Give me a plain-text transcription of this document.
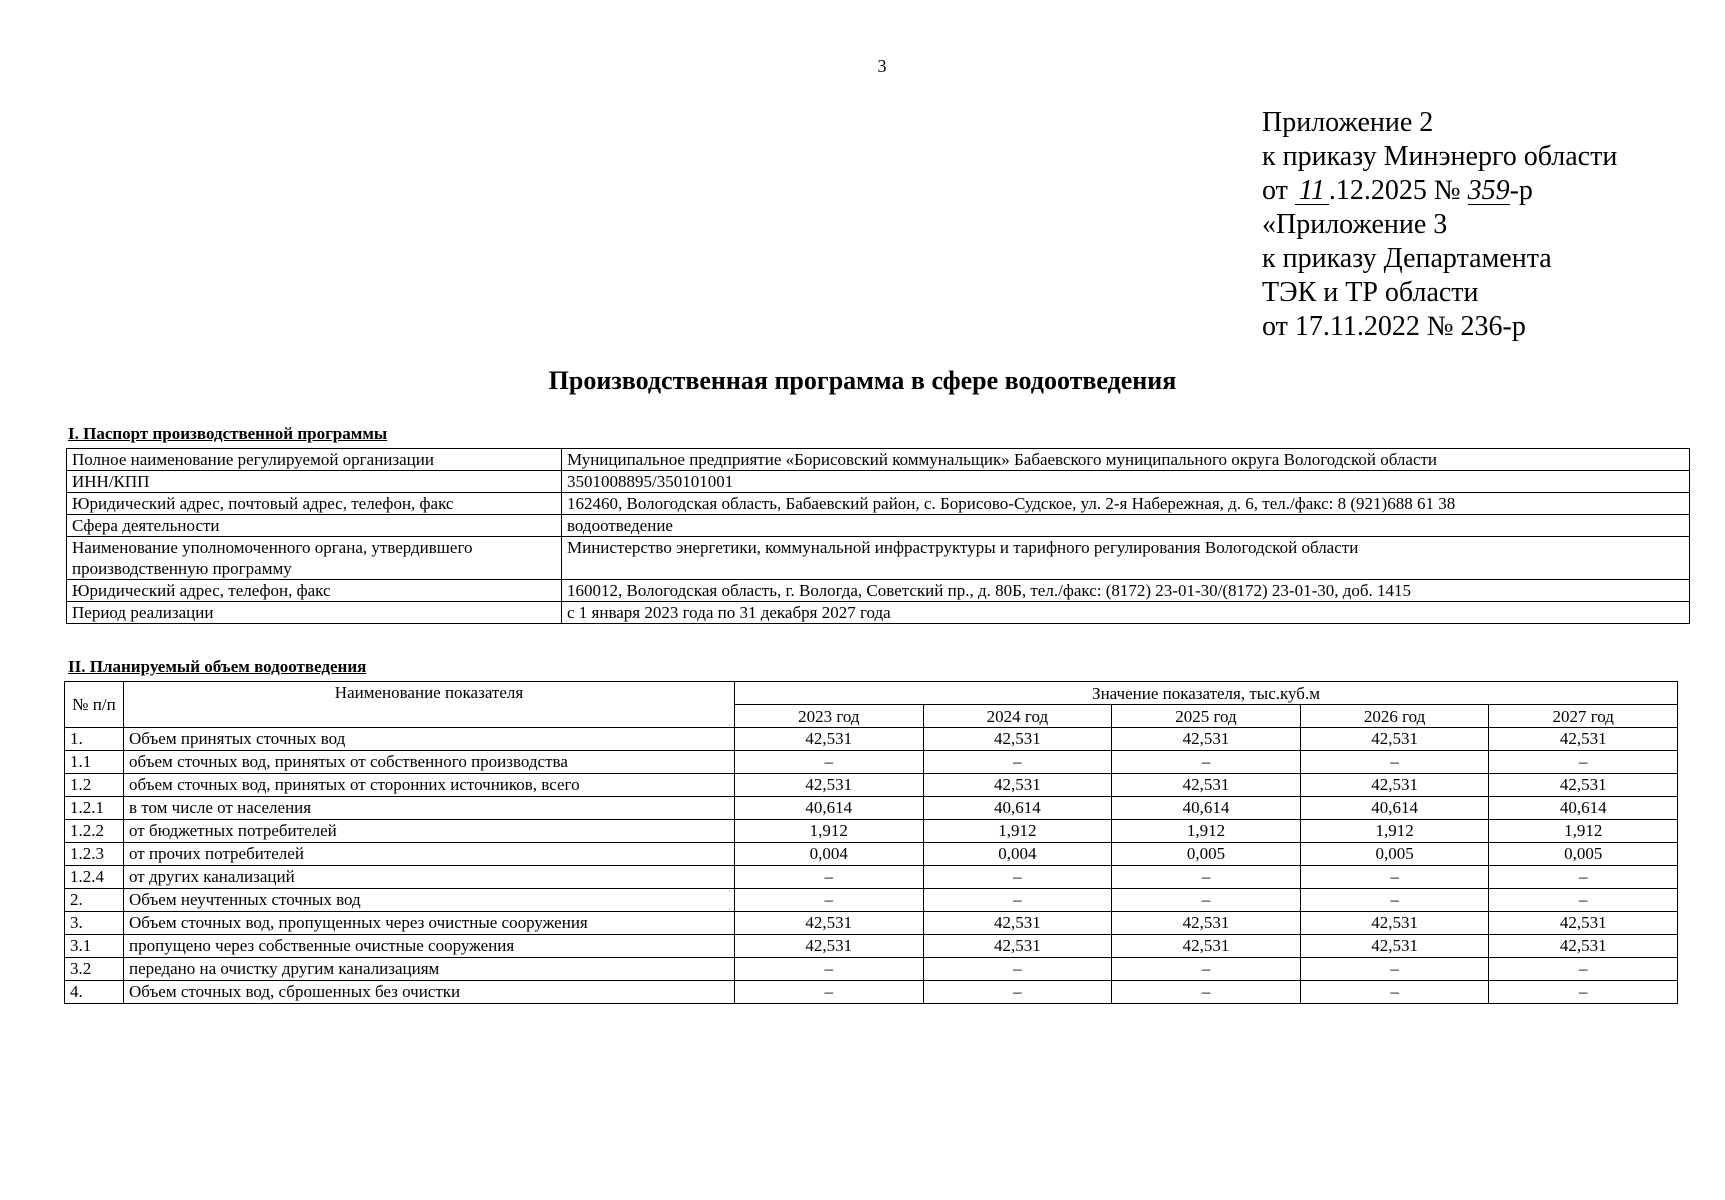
3
Приложение 2
к приказу Минэнерго области
от 11 .12.2025 № 359-р
«Приложение 3
к приказу Департамента
ТЭК и ТР области
от 17.11.2022 № 236-р
Производственная программа в сфере водоотведения
I. Паспорт производственной программы
Полное наименование регулируемой организации	Муниципальное предприятие «Борисовский коммунальщик» Бабаевского муниципального округа Вологодской области
ИНН/КПП	3501008895/350101001
Юридический адрес, почтовый адрес, телефон, факс	162460, Вологодская область, Бабаевский район, с. Борисово-Судское, ул. 2-я Набережная, д. 6, тел./факс: 8 (921)688 61 38
Сфера деятельности	водоотведение
Наименование уполномоченного органа, утвердившего производственную программу	Министерство энергетики, коммунальной инфраструктуры и тарифного регулирования Вологодской области
Юридический адрес, телефон, факс	160012, Вологодская область, г. Вологда, Советский пр., д. 80Б, тел./факс: (8172) 23-01-30/(8172) 23-01-30, доб. 1415
Период реализации	с 1 января 2023 года по 31 декабря 2027 года
II. Планируемый объем водоотведения
№ п/п	Наименование показателя	Значение показателя, тыс.куб.м				
		2023 год	2024 год	2025 год	2026 год	2027 год
1.	Объем принятых сточных вод	42,531	42,531	42,531	42,531	42,531
1.1	объем сточных вод, принятых от собственного производства	–	–	–	–	–
1.2	объем сточных вод, принятых от сторонних источников, всего	42,531	42,531	42,531	42,531	42,531
1.2.1	в том числе от населения	40,614	40,614	40,614	40,614	40,614
1.2.2	от бюджетных потребителей	1,912	1,912	1,912	1,912	1,912
1.2.3	от прочих потребителей	0,004	0,004	0,005	0,005	0,005
1.2.4	от других канализаций	–	–	–	–	–
2.	Объем неучтенных сточных вод	–	–	–	–	–
3.	Объем сточных вод, пропущенных через очистные сооружения	42,531	42,531	42,531	42,531	42,531
3.1	пропущено через собственные очистные сооружения	42,531	42,531	42,531	42,531	42,531
3.2	передано на очистку другим канализациям	–	–	–	–	–
4.	Объем сточных вод, сброшенных без очистки	–	–	–	–	–
